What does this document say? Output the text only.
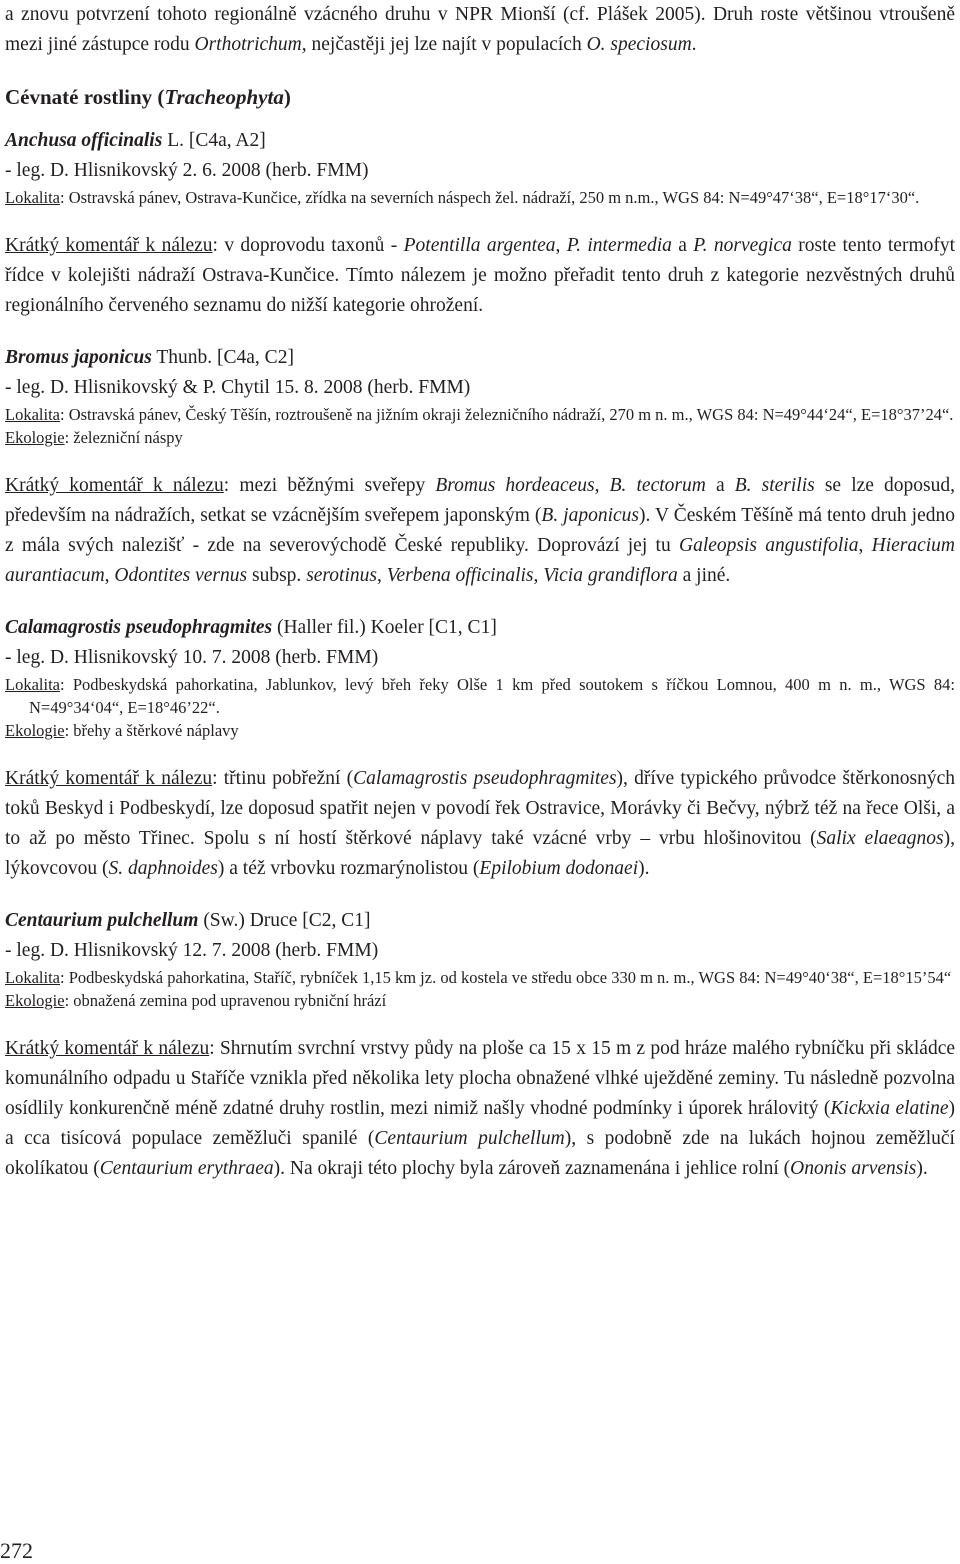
a znovu potvrzení tohoto regionálně vzácného druhu v NPR Mionší (cf. Plášek 2005). Druh roste většinou vtroušeně mezi jiné zástupce rodu Orthotrichum, nejčastěji jej lze najít v populacích O. speciosum.

Cévnaté rostliny (Tracheophyta)

Anchusa officinalis L. [C4a, A2]

- leg. D. Hlisnikovský 2. 6. 2008 (herb. FMM)

Lokalita: Ostravská pánev, Ostrava-Kunčice, zřídka na severních náspech žel. nádraží, 250 m n.m., WGS 84: N=49°47‘38“, E=18°17‘30“.

Krátký komentář k nálezu: v doprovodu taxonů - Potentilla argentea, P. intermedia a P. norvegica roste tento termofyt řídce v kolejišti nádraží Ostrava-Kunčice. Tímto nálezem je možno přeřadit tento druh z kategorie nezvěstných druhů regionálního červeného seznamu do nižší kategorie ohrožení.

Bromus japonicus Thunb. [C4a, C2]

- leg. D. Hlisnikovský & P. Chytil 15. 8. 2008 (herb. FMM)

Lokalita: Ostravská pánev, Český Těšín, roztroušeně na jižním okraji železničního nádraží, 270 m n. m., WGS 84: N=49°44‘24“, E=18°37’24“.

Ekologie: železniční náspy

Krátký komentář k nálezu: mezi běžnými sveřepy Bromus hordeaceus, B. tectorum a B. sterilis se lze doposud, především na nádražích, setkat se vzácnějším sveřepem japonským (B. japonicus). V Českém Těšíně má tento druh jedno z mála svých nalezišť - zde na severovýchodě České republiky. Doprovází jej tu Galeopsis angustifolia, Hieracium aurantiacum, Odontites vernus subsp. serotinus, Verbena officinalis, Vicia grandiflora a jiné.

Calamagrostis pseudophragmites (Haller fil.) Koeler [C1, C1]

- leg. D. Hlisnikovský 10. 7. 2008 (herb. FMM)

Lokalita: Podbeskydská pahorkatina, Jablunkov, levý břeh řeky Olše 1 km před soutokem s říčkou Lomnou, 400 m n. m., WGS 84: N=49°34‘04“, E=18°46’22“.

Ekologie: břehy a štěrkové náplavy

Krátký komentář k nálezu: třtinu pobřežní (Calamagrostis pseudophragmites), dříve typického průvodce štěrkonosných toků Beskyd i Podbeskydí, lze doposud spatřit nejen v povodí řek Ostravice, Morávky či Bečvy, nýbrž též na řece Olši, a to až po město Třinec. Spolu s ní hostí štěrkové náplavy také vzácné vrby – vrbu hlošinovitou (Salix elaeagnos), lýkovcovou (S. daphnoides) a též vrbovku rozmarýnolistou (Epilobium dodonaei).

Centaurium pulchellum (Sw.) Druce [C2, C1]

- leg. D. Hlisnikovský 12. 7. 2008 (herb. FMM)

Lokalita: Podbeskydská pahorkatina, Staříč, rybníček 1,15 km jz. od kostela ve středu obce 330 m n. m., WGS 84: N=49°40‘38“, E=18°15’54“

Ekologie: obnažená zemina pod upravenou rybniční hrází

Krátký komentář k nálezu: Shrnutím svrchní vrstvy půdy na ploše ca 15 x 15 m z pod hráze malého rybníčku při skládce komunálního odpadu u Staříče vznikla před několika lety plocha obnažené vlhké uježděné zeminy. Tu následně pozvolna osídlily konkurenčně méně zdatné druhy rostlin, mezi nimiž našly vhodné podmínky i úporek hrálovitý (Kickxia elatine) a cca tisícová populace zeměžluči spanilé (Centaurium pulchellum), s podobně zde na lukách hojnou zeměžlučí okolíkatou (Centaurium erythraea). Na okraji této plochy byla zároveň zaznamenána i jehlice rolní (Ononis arvensis).

272
